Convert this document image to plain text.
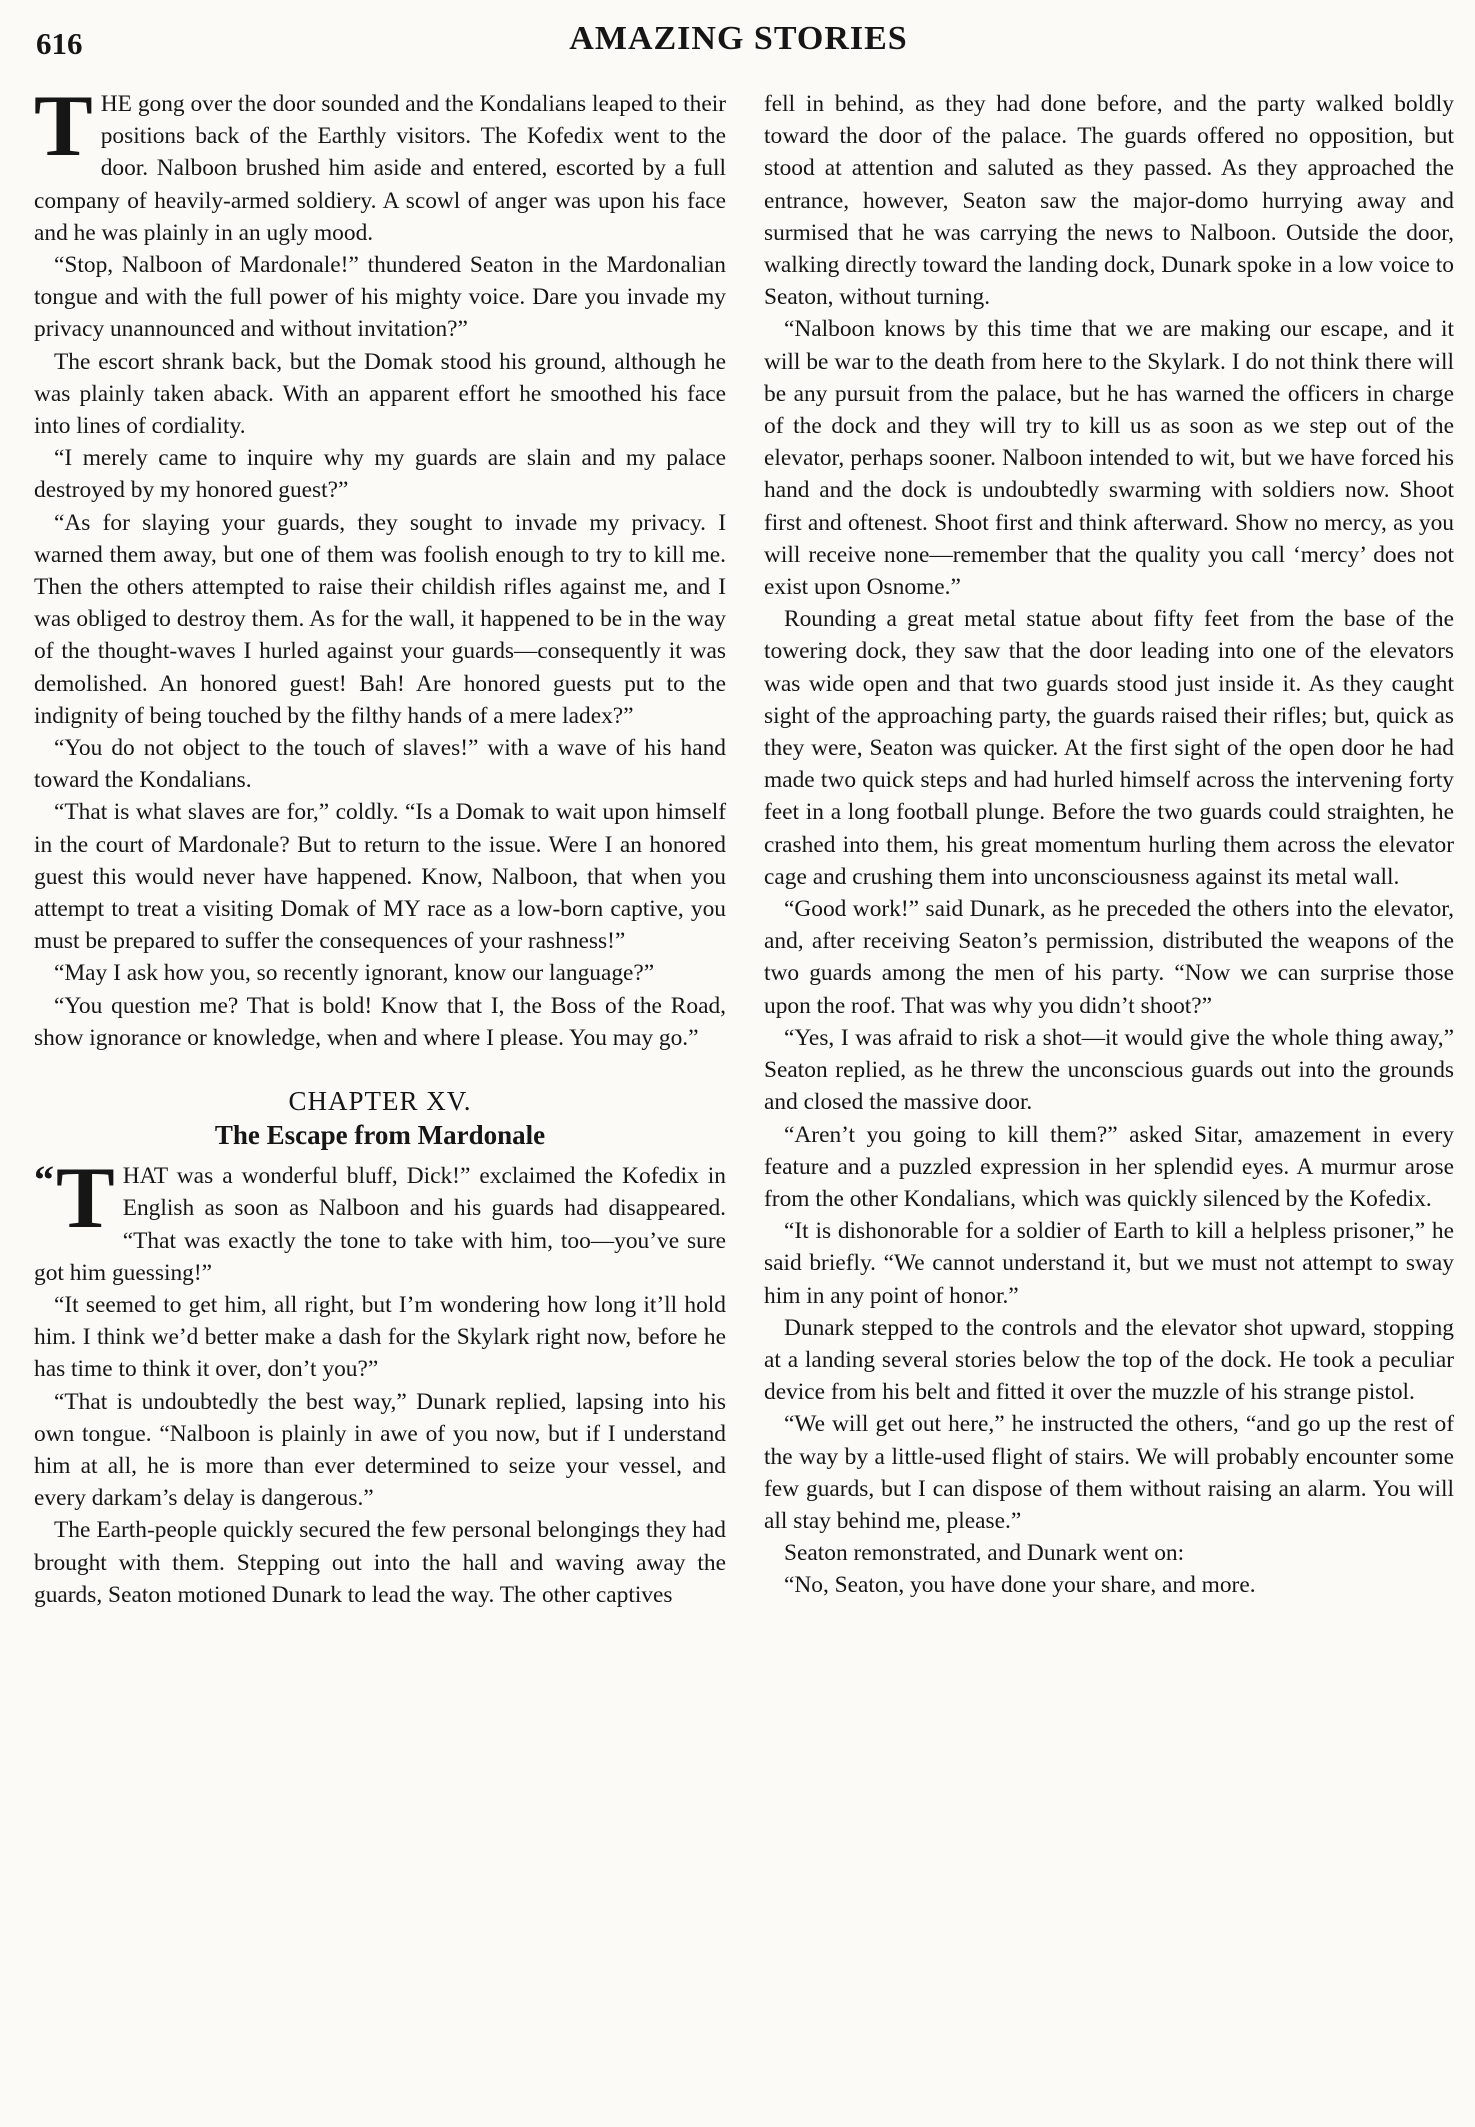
616	AMAZING STORIES

THE gong over the door sounded and the Kondalians leaped to their positions back of the Earthly visitors. The Kofedix went to the door. Nalboon brushed him aside and entered, escorted by a full company of heavily-armed soldiery. A scowl of anger was upon his face and he was plainly in an ugly mood.

“Stop, Nalboon of Mardonale!” thundered Seaton in the Mardonalian tongue and with the full power of his mighty voice. Dare you invade my privacy unannounced and without invitation?”

The escort shrank back, but the Domak stood his ground, although he was plainly taken aback. With an apparent effort he smoothed his face into lines of cordiality.

“I merely came to inquire why my guards are slain and my palace destroyed by my honored guest?”

“As for slaying your guards, they sought to invade my privacy. I warned them away, but one of them was foolish enough to try to kill me. Then the others attempted to raise their childish rifles against me, and I was obliged to destroy them. As for the wall, it happened to be in the way of the thought-waves I hurled against your guards—consequently it was demolished. An honored guest! Bah! Are honored guests put to the indignity of being touched by the filthy hands of a mere ladex?”

“You do not object to the touch of slaves!” with a wave of his hand toward the Kondalians.

“That is what slaves are for,” coldly. “Is a Domak to wait upon himself in the court of Mardonale? But to return to the issue. Were I an honored guest this would never have happened. Know, Nalboon, that when you attempt to treat a visiting Domak of MY race as a low-born captive, you must be prepared to suffer the consequences of your rashness!”

“May I ask how you, so recently ignorant, know our language?”

“You question me? That is bold! Know that I, the Boss of the Road, show ignorance or knowledge, when and where I please. You may go.”

CHAPTER XV.
The Escape from Mardonale

“ T HAT was a wonderful bluff, Dick!” exclaimed the Kofedix in English as soon as Nalboon and his guards had disappeared. “That was exactly the tone to take with him, too—you’ve sure got him guessing!”

“It seemed to get him, all right, but I’m wondering how long it’ll hold him. I think we’d better make a dash for the Skylark right now, before he has time to think it over, don’t you?”

“That is undoubtedly the best way,” Dunark replied, lapsing into his own tongue. “Nalboon is plainly in awe of you now, but if I understand him at all, he is more than ever determined to seize your vessel, and every darkam’s delay is dangerous.”

The Earth-people quickly secured the few personal belongings they had brought with them. Stepping out into the hall and waving away the guards, Seaton motioned Dunark to lead the way. The other captives

fell in behind, as they had done before, and the party walked boldly toward the door of the palace. The guards offered no opposition, but stood at attention and saluted as they passed. As they approached the entrance, however, Seaton saw the major-domo hurrying away and surmised that he was carrying the news to Nalboon. Outside the door, walking directly toward the landing dock, Dunark spoke in a low voice to Seaton, without turning.

“Nalboon knows by this time that we are making our escape, and it will be war to the death from here to the Skylark. I do not think there will be any pursuit from the palace, but he has warned the officers in charge of the dock and they will try to kill us as soon as we step out of the elevator, perhaps sooner. Nalboon intended to wit, but we have forced his hand and the dock is undoubtedly swarming with soldiers now. Shoot first and oftenest. Shoot first and think afterward. Show no mercy, as you will receive none—remember that the quality you call ‘mercy’ does not exist upon Osnome.”

Rounding a great metal statue about fifty feet from the base of the towering dock, they saw that the door leading into one of the elevators was wide open and that two guards stood just inside it. As they caught sight of the approaching party, the guards raised their rifles; but, quick as they were, Seaton was quicker. At the first sight of the open door he had made two quick steps and had hurled himself across the intervening forty feet in a long football plunge. Before the two guards could straighten, he crashed into them, his great momentum hurling them across the elevator cage and crushing them into unconsciousness against its metal wall.

“Good work!” said Dunark, as he preceded the others into the elevator, and, after receiving Seaton’s permission, distributed the weapons of the two guards among the men of his party. “Now we can surprise those upon the roof. That was why you didn’t shoot?”

“Yes, I was afraid to risk a shot—it would give the whole thing away,” Seaton replied, as he threw the unconscious guards out into the grounds and closed the massive door.

“Aren’t you going to kill them?” asked Sitar, amazement in every feature and a puzzled expression in her splendid eyes. A murmur arose from the other Kondalians, which was quickly silenced by the Kofedix.

“It is dishonorable for a soldier of Earth to kill a helpless prisoner,” he said briefly. “We cannot understand it, but we must not attempt to sway him in any point of honor.”

Dunark stepped to the controls and the elevator shot upward, stopping at a landing several stories below the top of the dock. He took a peculiar device from his belt and fitted it over the muzzle of his strange pistol.

“We will get out here,” he instructed the others, “and go up the rest of the way by a little-used flight of stairs. We will probably encounter some few guards, but I can dispose of them without raising an alarm. You will all stay behind me, please.”

Seaton remonstrated, and Dunark went on:

“No, Seaton, you have done your share, and more.
